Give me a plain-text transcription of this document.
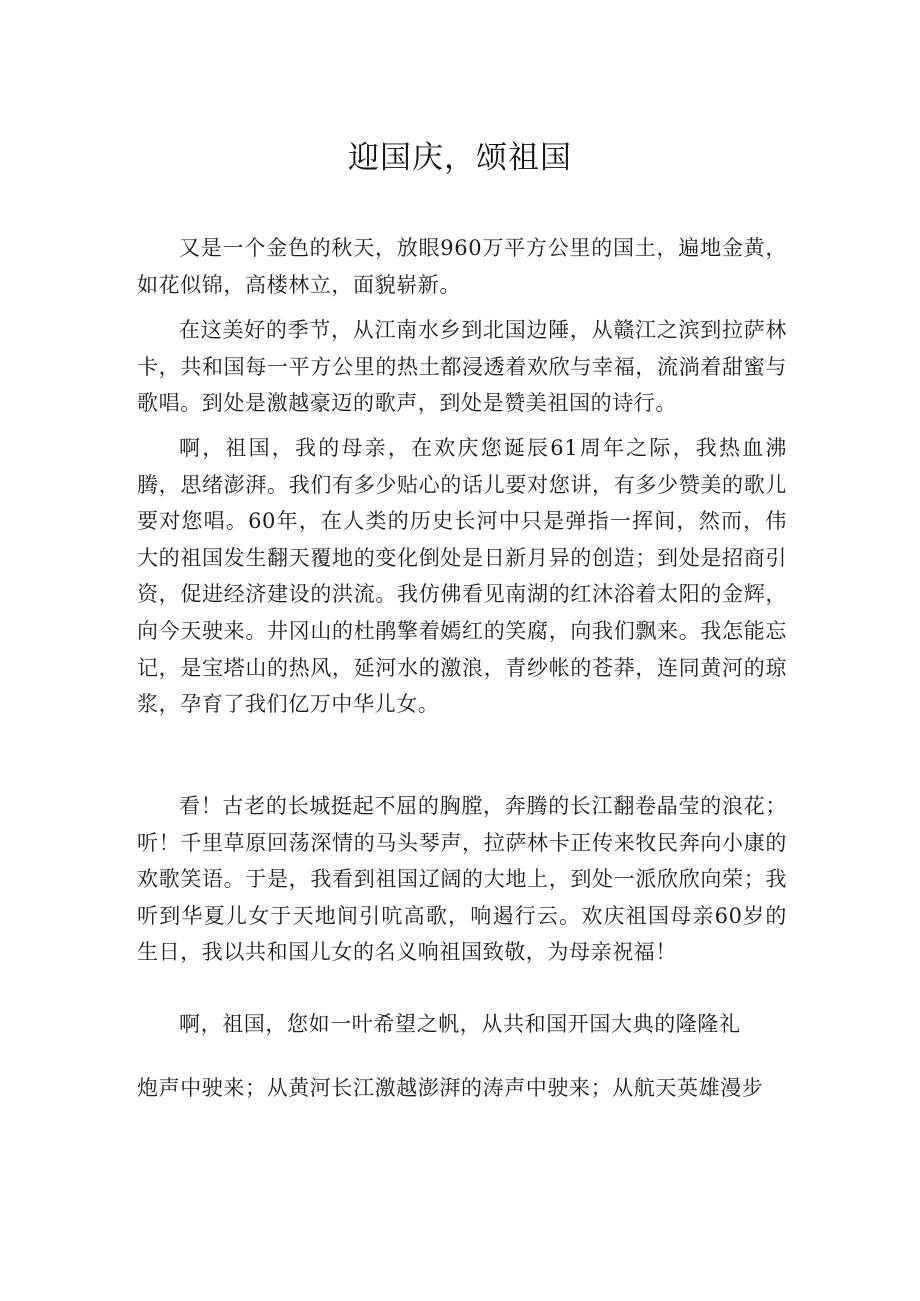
迎国庆，颂祖国
又是一个金色的秋天，放眼960万平方公里的国土，遍地金黄，如花似锦，高楼林立，面貌崭新。
在这美好的季节，从江南水乡到北国边陲，从赣江之滨到拉萨林卡，共和国每一平方公里的热土都浸透着欢欣与幸福，流淌着甜蜜与歌唱。到处是激越豪迈的歌声，到处是赞美祖国的诗行。
啊，祖国，我的母亲，在欢庆您诞辰61周年之际，我热血沸腾，思绪澎湃。我们有多少贴心的话儿要对您讲，有多少赞美的歌儿要对您唱。60年，在人类的历史长河中只是弹指一挥间，然而，伟大的祖国发生翻天覆地的变化倒处是日新月异的创造；到处是招商引资，促进经济建设的洪流。我仿佛看见南湖的红沐浴着太阳的金辉，向今天驶来。井冈山的杜鹃擎着嫣红的笑腐，向我们飘来。我怎能忘记，是宝塔山的热风，延河水的激浪，青纱帐的苍莽，连同黄河的琼浆，孕育了我们亿万中华儿女。
看！古老的长城挺起不屈的胸膛，奔腾的长江翻卷晶莹的浪花；听！千里草原回荡深情的马头琴声，拉萨林卡正传来牧民奔向小康的欢歌笑语。于是，我看到祖国辽阔的大地上，到处一派欣欣向荣；我听到华夏儿女于天地间引吭高歌，响遏行云。欢庆祖国母亲60岁的生日，我以共和国儿女的名义响祖国致敬，为母亲祝福！
啊，祖国，您如一叶希望之帆，从共和国开国大典的隆隆礼
炮声中驶来；从黄河长江激越澎湃的涛声中驶来；从航天英雄漫步
